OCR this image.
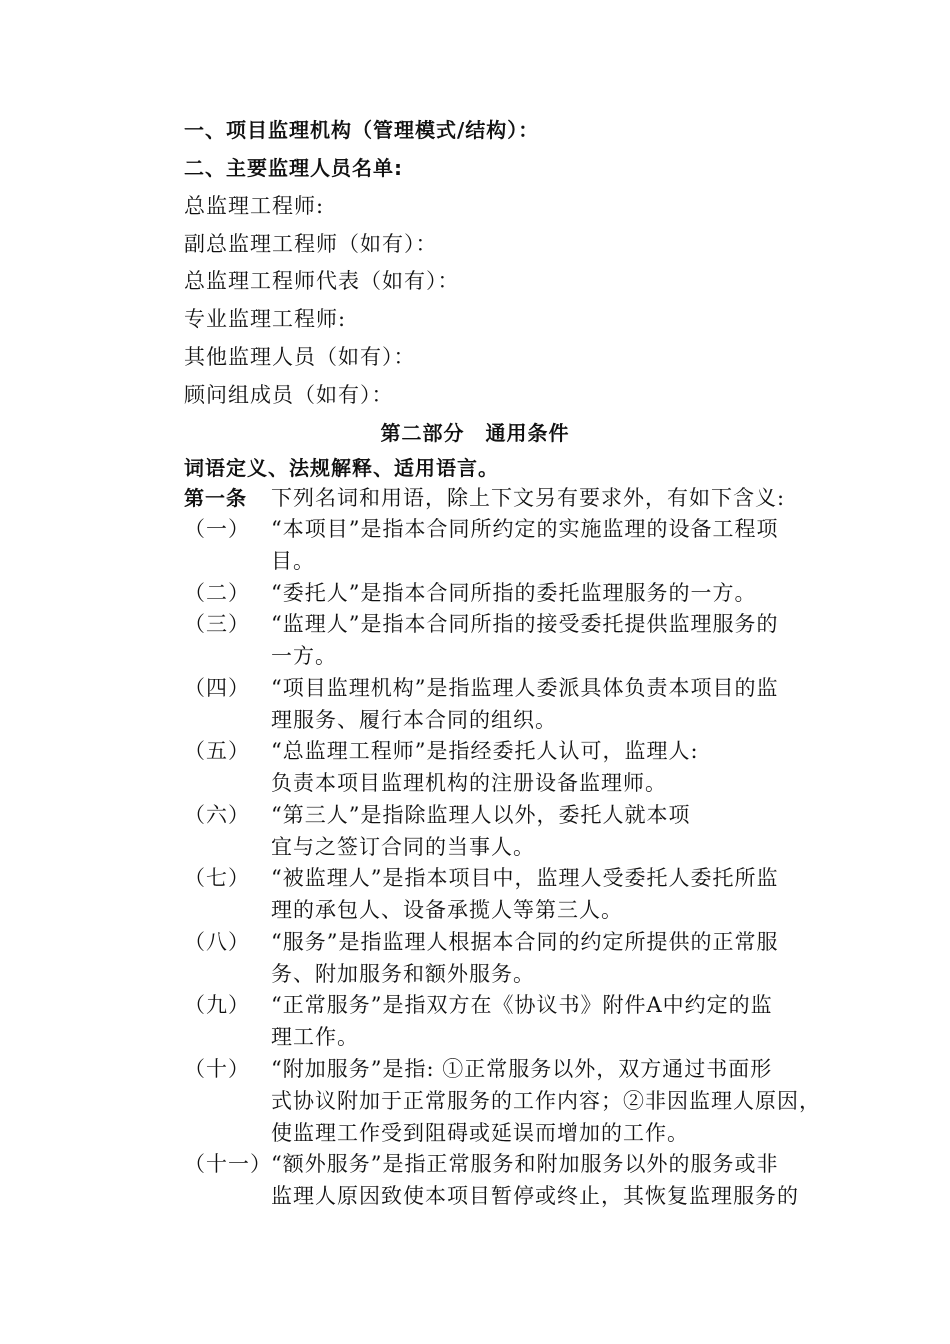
一、项目监理机构（管理模式/结构）：
二、主要监理人员名单:
总监理工程师:
副总监理工程师（如有）：
总监理工程师代表（如有）：
专业监理工程师:
其他监理人员（如有）：
顾问组成员（如有）：
第二部分　通用条件
词语定义、法规解释、适用语言。
第一条 下列名词和用语，除上下文另有要求外，有如下含义:
（一） “本项目”是指本合同所约定的实施监理的设备工程项
目。
（二） “委托人”是指本合同所指的委托监理服务的一方。
（三） “监理人”是指本合同所指的接受委托提供监理服务的
一方。
（四） “项目监理机构”是指监理人委派具体负责本项目的监
理服务、履行本合同的组织。
（五） “总监理工程师”是指经委托人认可，监理人:
负责本项目监理机构的注册设备监理师。
（六） “第三人”是指除监理人以外，委托人就本项
宜与之签订合同的当事人。
（七） “被监理人”是指本项目中，监理人受委托人委托所监
理的承包人、设备承揽人等第三人。
（八） “服务”是指监理人根据本合同的约定所提供的正常服
务、附加服务和额外服务。
（九） “正常服务”是指双方在《协议书》附件A中约定的监
理工作。
（十） “附加服务”是指: ①正常服务以外，双方通过书面形
式协议附加于正常服务的工作内容；②非因监理人原因，
使监理工作受到阻碍或延误而增加的工作。
（十一） “额外服务”是指正常服务和附加服务以外的服务或非
监理人原因致使本项目暂停或终止，其恢复监理服务的
